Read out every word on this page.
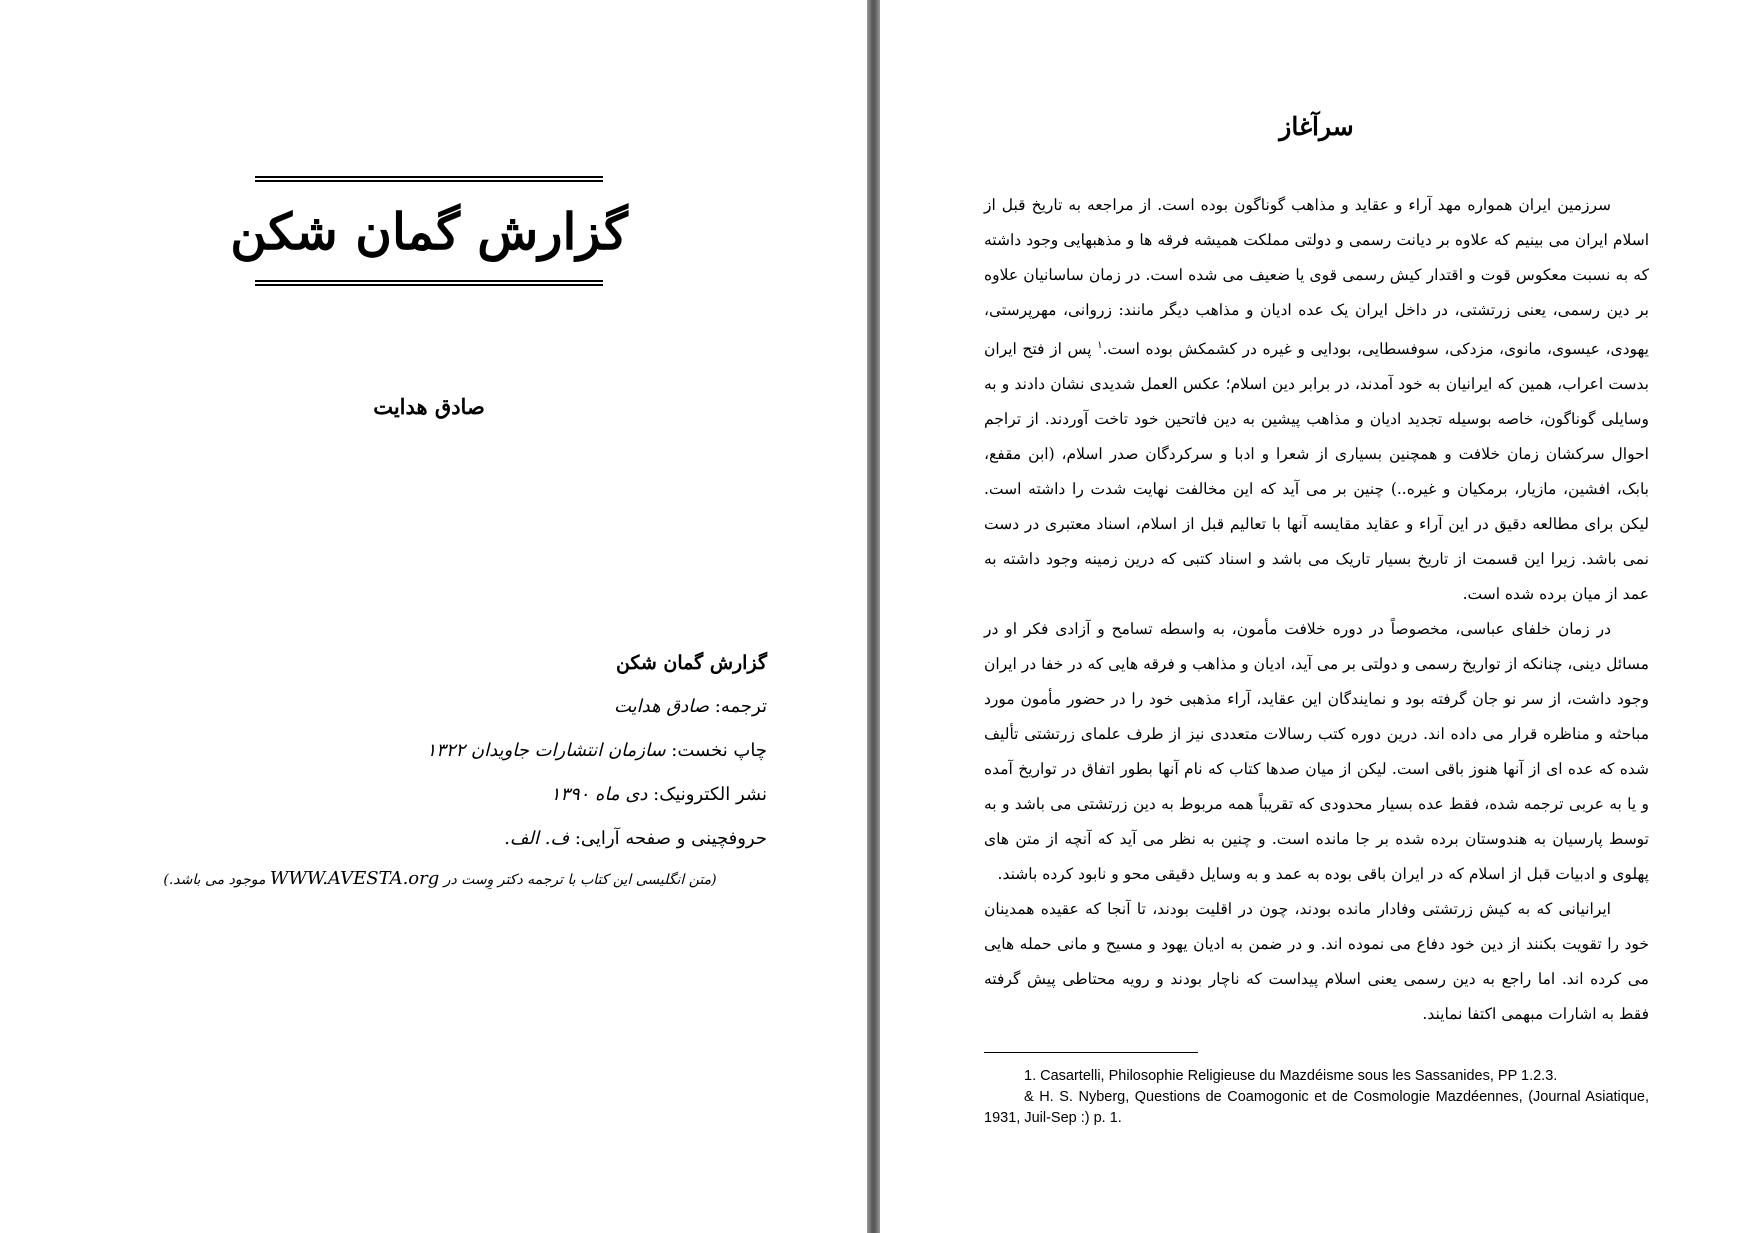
گزارش گمان شکن
صادق هدایت
گزارش گمان شکن
ترجمه: صادق هدایت
چاپ نخست: سازمان انتشارات جاویدان ۱۳۲۲
نشر الکترونیک: دی ماه ۱۳۹۰
حروفچینی و صفحه آرایی: ف. الف.
(متن انگلیسی این کتاب با ترجمه دکتر وِست در WWW.AVESTA.org موجود می باشد.)
سرآغاز

سرزمین ایران همواره مهد آراء و عقاید و مذاهب گوناگون بوده است. از مراجعه به تاریخ قبل از اسلام ایران می بینیم که علاوه بر دیانت رسمی و دولتی مملکت همیشه فرقه ها و مذهبهایی وجود داشته که به نسبت معکوس قوت و اقتدار کیش رسمی قوی یا ضعیف می شده است. در زمان ساسانیان علاوه بر دین رسمی، یعنی زرتشتی، در داخل ایران یک عده ادیان و مذاهب دیگر مانند: زروانی، مهرپرستی، یهودی، عیسوی، مانوی، مزدکی، سوفسطایی، بودایی و غیره در کشمکش بوده است.$^۱$ پس از فتح ایران بدست اعراب، همین که ایرانیان به خود آمدند، در برابر دین اسلام؛ عکس العمل شدیدی نشان دادند و به وسایلی گوناگون، خاصه بوسیله تجدید ادیان و مذاهب پیشین به دین فاتحین خود تاخت آوردند. از تراجم احوال سرکشان زمان خلافت و همچنین بسیاری از شعرا و ادبا و سرکردگان صدر اسلام، (ابن مقفع، بابک، افشین، مازیار، برمکیان و غیره..) چنین بر می آید که این مخالفت نهایت شدت را داشته است. لیکن برای مطالعه دقیق در این آراء و عقاید مقایسه آنها با تعالیم قبل از اسلام، اسناد معتبری در دست نمی باشد. زیرا این قسمت از تاریخ بسیار تاریک می باشد و اسناد کتبی که درین زمینه وجود داشته به عمد از میان برده شده است.

در زمان خلفای عباسی، مخصوصاً در دوره خلافت مأمون، به واسطه تسامح و آزادی فکر او در مسائل دینی، چنانکه از تواریخ رسمی و دولتی بر می آید، ادیان و مذاهب و فرقه هایی که در خفا در ایران وجود داشت، از سر نو جان گرفته بود و نمایندگان این عقاید، آراء مذهبی خود را در حضور مأمون مورد مباحثه و مناظره قرار می داده اند. درین دوره کتب رسالات متعددی نیز از طرف علمای زرتشتی تألیف شده که عده ای از آنها هنوز باقی است. لیکن از میان صدها کتاب که نام آنها بطور اتفاق در تواریخ آمده و یا به عربی ترجمه شده، فقط عده بسیار محدودی که تقریباً همه مربوط به دین زرتشتی می باشد و به توسط پارسیان به هندوستان برده شده بر جا مانده است. و چنین به نظر می آید که آنچه از متن های پهلوی و ادبیات قبل از اسلام که در ایران باقی بوده به عمد و به وسایل دقیقی محو و نابود کرده باشند.

ایرانیانی که به کیش زرتشتی وفادار مانده بودند، چون در اقلیت بودند، تا آنجا که عقیده همدینان خود را تقویت بکنند از دین خود دفاع می نموده اند. و در ضمن به ادیان یهود و مسیح و مانی حمله هایی می کرده اند. اما راجع به دین رسمی یعنی اسلام پیداست که ناچار بودند و رویه محتاطی پیش گرفته فقط به اشارات مبهمی اکتفا نمایند.

1. Casartelli, Philosophie Religieuse du Mazdéisme sous les Sassanides, PP 1.2.3.

& H. S. Nyberg, Questions de Coamogonic et de Cosmologie Mazdéennes, (Journal Asiatique, 1931, Juil-Sep :) p. 1.
